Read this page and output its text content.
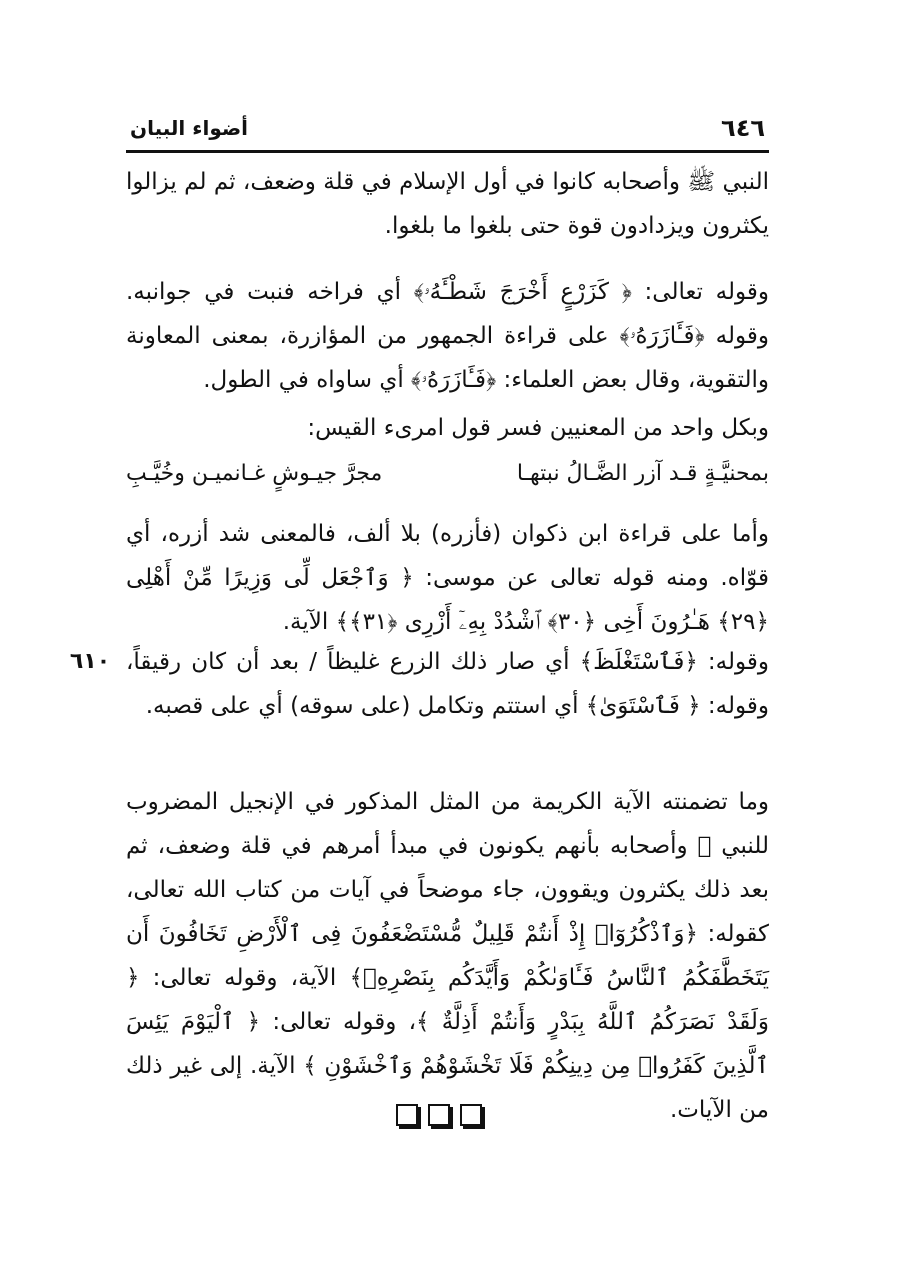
٦٤٦
أضواء البيان
النبي ﷺ وأصحابه كانوا في أول الإسلام في قلة وضعف، ثم لم يزالوا يكثرون ويزدادون قوة حتى بلغوا ما بلغوا.
وقوله تعالى: ﴿ كَزَرْعٍ أَخْرَجَ شَطْـَٔهُۥ﴾ أي فراخه فنبت في جوانبه. وقوله ﴿فَـَٔازَرَهُۥ﴾ على قراءة الجمهور من المؤازرة، بمعنى المعاونة والتقوية، وقال بعض العلماء: ﴿فَـَٔازَرَهُۥ﴾ أي ساواه في الطول.
وبكل واحد من المعنيين فسر قول امرىء القيس:
بمحنيَّـةٍ قـد آزر الضَّـالُ نبتهـا
مجرَّ جيـوشٍ غـانميـن وخُيَّـبِ
وأما على قراءة ابن ذكوان (فأزره) بلا ألف، فالمعنى شد أزره، أي قوّاه. ومنه قوله تعالى عن موسى: ﴿ وَٱجْعَل لِّى وَزِيرًا مِّنْ أَهْلِى ﴿٢٩﴾ هَـٰرُونَ أَخِى ﴿٣٠﴾ ٱشْدُدْ بِهِۦٓ أَزْرِى ﴿٣١﴾﴾ الآية.
٦١٠ وقوله: ﴿فَٱسْتَغْلَظَ﴾ أي صار ذلك الزرع غليظاً / بعد أن كان رقيقاً، وقوله: ﴿ فَٱسْتَوَىٰ﴾ أي استتم وتكامل (على سوقه) أي على قصبه.
وما تضمنته الآية الكريمة من المثل المذكور في الإنجيل المضروب للنبي ﷺ وأصحابه بأنهم يكونون في مبدأ أمرهم في قلة وضعف، ثم بعد ذلك يكثرون ويقوون، جاء موضحاً في آيات من كتاب الله تعالى، كقوله: ﴿وَٱذْكُرُوٓا۟ إِذْ أَنتُمْ قَلِيلٌ مُّسْتَضْعَفُونَ فِى ٱلْأَرْضِ تَخَافُونَ أَن يَتَخَطَّفَكُمُ ٱلنَّاسُ فَـَٔاوَىٰكُمْ وَأَيَّدَكُم بِنَصْرِهِۦ﴾ الآية، وقوله تعالى: ﴿ وَلَقَدْ نَصَرَكُمُ ٱللَّهُ بِبَدْرٍ وَأَنتُمْ أَذِلَّةٌ ﴾، وقوله تعالى: ﴿ ٱلْيَوْمَ يَئِسَ ٱلَّذِينَ كَفَرُوا۟ مِن دِينِكُمْ فَلَا تَخْشَوْهُمْ وَٱخْشَوْنِ ﴾ الآية. إلى غير ذلك من الآيات.
